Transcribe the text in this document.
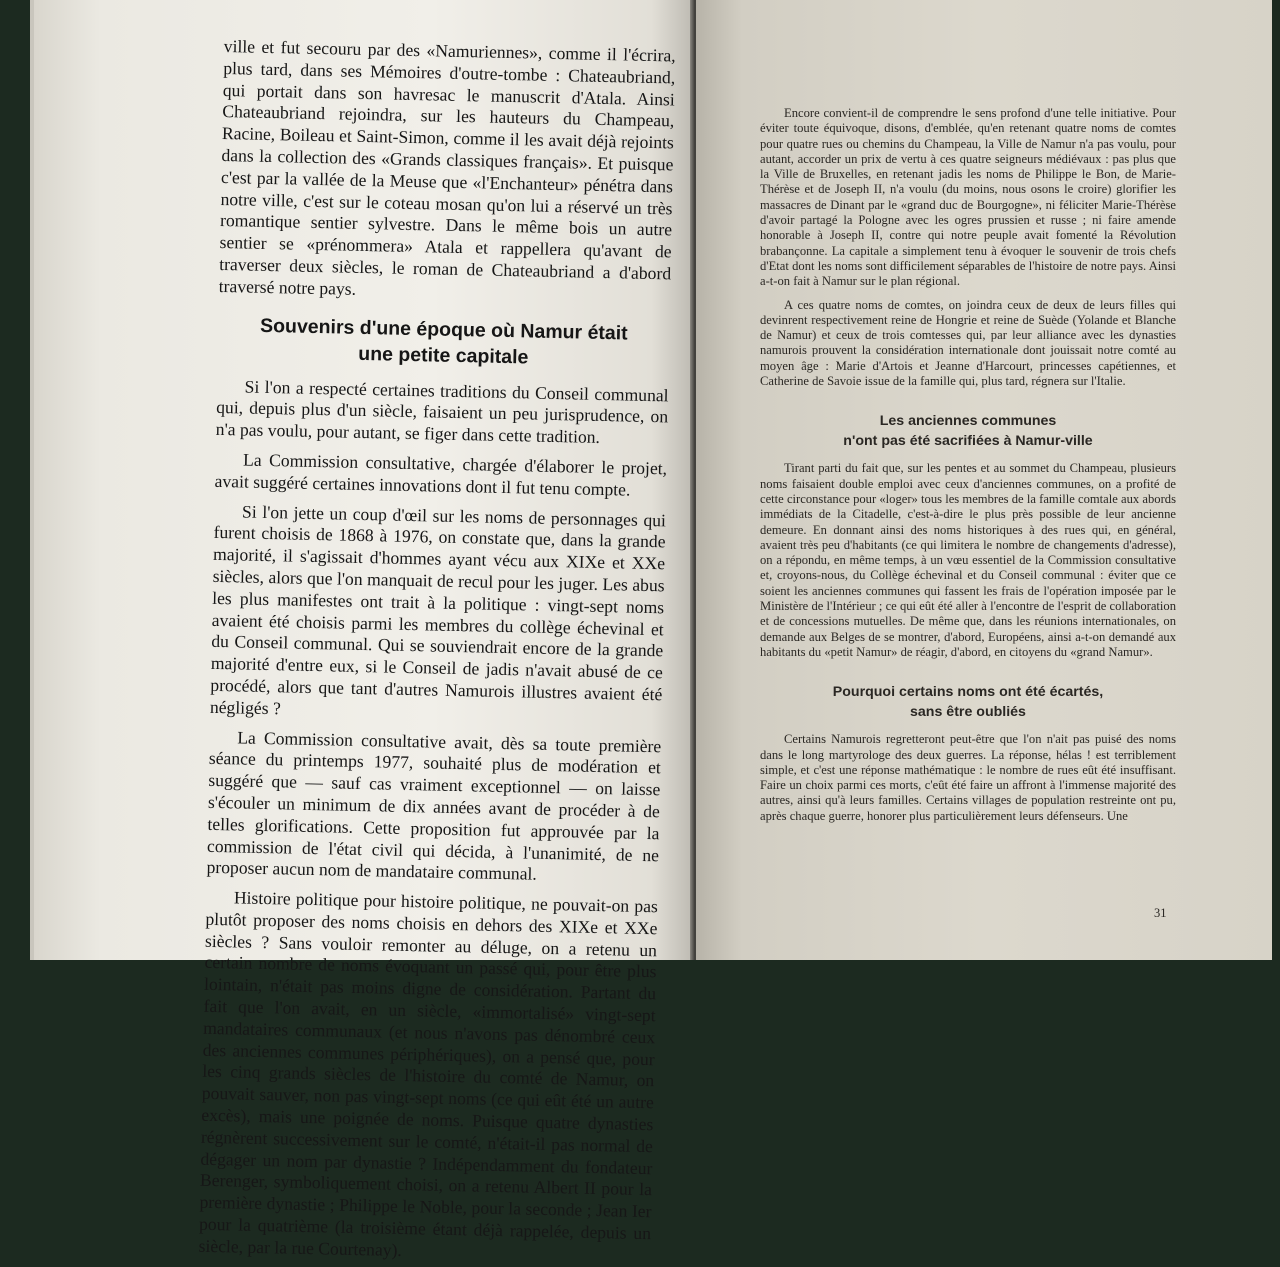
ville et fut secouru par des «Namuriennes», comme il l'écrira, plus tard, dans ses Mémoires d'outre-tombe : Chateaubriand, qui portait dans son havresac le manuscrit d'Atala. Ainsi Chateaubriand rejoindra, sur les hauteurs du Champeau, Racine, Boileau et Saint-Simon, comme il les avait déjà rejoints dans la collection des «Grands classiques français». Et puisque c'est par la vallée de la Meuse que «l'Enchanteur» pénétra dans notre ville, c'est sur le coteau mosan qu'on lui a réservé un très romantique sentier sylvestre. Dans le même bois un autre sentier se «prénommera» Atala et rappellera qu'avant de traverser deux siècles, le roman de Chateaubriand a d'abord traversé notre pays.

Souvenirs d'une époque où Namur était
une petite capitale

Si l'on a respecté certaines traditions du Conseil communal qui, depuis plus d'un siècle, faisaient un peu jurisprudence, on n'a pas voulu, pour autant, se figer dans cette tradition.

La Commission consultative, chargée d'élaborer le projet, avait suggéré certaines innovations dont il fut tenu compte.

Si l'on jette un coup d'œil sur les noms de personnages qui furent choisis de 1868 à 1976, on constate que, dans la grande majorité, il s'agissait d'hommes ayant vécu aux XIXe et XXe siècles, alors que l'on manquait de recul pour les juger. Les abus les plus manifestes ont trait à la politique : vingt-sept noms avaient été choisis parmi les membres du collège échevinal et du Conseil communal. Qui se souviendrait encore de la grande majorité d'entre eux, si le Conseil de jadis n'avait abusé de ce procédé, alors que tant d'autres Namurois illustres avaient été négligés ?

La Commission consultative avait, dès sa toute première séance du printemps 1977, souhaité plus de modération et suggéré que — sauf cas vraiment exceptionnel — on laisse s'écouler un minimum de dix années avant de procéder à de telles glorifications. Cette proposition fut approuvée par la commission de l'état civil qui décida, à l'unanimité, de ne proposer aucun nom de mandataire communal.

Histoire politique pour histoire politique, ne pouvait-on pas plutôt proposer des noms choisis en dehors des XIXe et XXe siècles ? Sans vouloir remonter au déluge, on a retenu un certain nombre de noms évoquant un passé qui, pour être plus lointain, n'était pas moins digne de considération. Partant du fait que l'on avait, en un siècle, «immortalisé» vingt-sept mandataires communaux (et nous n'avons pas dénombré ceux des anciennes communes périphériques), on a pensé que, pour les cinq grands siècles de l'histoire du comté de Namur, on pouvait sauver, non pas vingt-sept noms (ce qui eût été un autre excès), mais une poignée de noms. Puisque quatre dynasties régnèrent successivement sur le comté, n'était-il pas normal de dégager un nom par dynastie ? Indépendamment du fondateur Berenger, symboliquement choisi, on a retenu Albert II pour la première dynastie ; Philippe le Noble, pour la seconde ; Jean Ier pour la quatrième (la troisième étant déjà rappelée, depuis un siècle, par la rue Courtenay).

Encore convient-il de comprendre le sens profond d'une telle initiative. Pour éviter toute équivoque, disons, d'emblée, qu'en retenant quatre noms de comtes pour quatre rues ou chemins du Champeau, la Ville de Namur n'a pas voulu, pour autant, accorder un prix de vertu à ces quatre seigneurs médiévaux : pas plus que la Ville de Bruxelles, en retenant jadis les noms de Philippe le Bon, de Marie-Thérèse et de Joseph II, n'a voulu (du moins, nous osons le croire) glorifier les massacres de Dinant par le «grand duc de Bourgogne», ni féliciter Marie-Thérèse d'avoir partagé la Pologne avec les ogres prussien et russe ; ni faire amende honorable à Joseph II, contre qui notre peuple avait fomenté la Révolution brabançonne. La capitale a simplement tenu à évoquer le souvenir de trois chefs d'Etat dont les noms sont difficilement séparables de l'histoire de notre pays. Ainsi a-t-on fait à Namur sur le plan régional.

A ces quatre noms de comtes, on joindra ceux de deux de leurs filles qui devinrent respectivement reine de Hongrie et reine de Suède (Yolande et Blanche de Namur) et ceux de trois comtesses qui, par leur alliance avec les dynasties namurois prouvent la considération internationale dont jouissait notre comté au moyen âge : Marie d'Artois et Jeanne d'Harcourt, princesses capétiennes, et Catherine de Savoie issue de la famille qui, plus tard, régnera sur l'Italie.

Les anciennes communes
n'ont pas été sacrifiées à Namur-ville

Tirant parti du fait que, sur les pentes et au sommet du Champeau, plusieurs noms faisaient double emploi avec ceux d'anciennes communes, on a profité de cette circonstance pour «loger» tous les membres de la famille comtale aux abords immédiats de la Citadelle, c'est-à-dire le plus près possible de leur ancienne demeure. En donnant ainsi des noms historiques à des rues qui, en général, avaient très peu d'habitants (ce qui limitera le nombre de changements d'adresse), on a répondu, en même temps, à un vœu essentiel de la Commission consultative et, croyons-nous, du Collège échevinal et du Conseil communal : éviter que ce soient les anciennes communes qui fassent les frais de l'opération imposée par le Ministère de l'Intérieur ; ce qui eût été aller à l'encontre de l'esprit de collaboration et de concessions mutuelles. De même que, dans les réunions internationales, on demande aux Belges de se montrer, d'abord, Européens, ainsi a-t-on demandé aux habitants du «petit Namur» de réagir, d'abord, en citoyens du «grand Namur».

Pourquoi certains noms ont été écartés,
sans être oubliés

Certains Namurois regretteront peut-être que l'on n'ait pas puisé des noms dans le long martyrologe des deux guerres. La réponse, hélas ! est terriblement simple, et c'est une réponse mathématique : le nombre de rues eût été insuffisant. Faire un choix parmi ces morts, c'eût été faire un affront à l'immense majorité des autres, ainsi qu'à leurs familles. Certains villages de population restreinte ont pu, après chaque guerre, honorer plus particulièrement leurs défenseurs. Une

31
